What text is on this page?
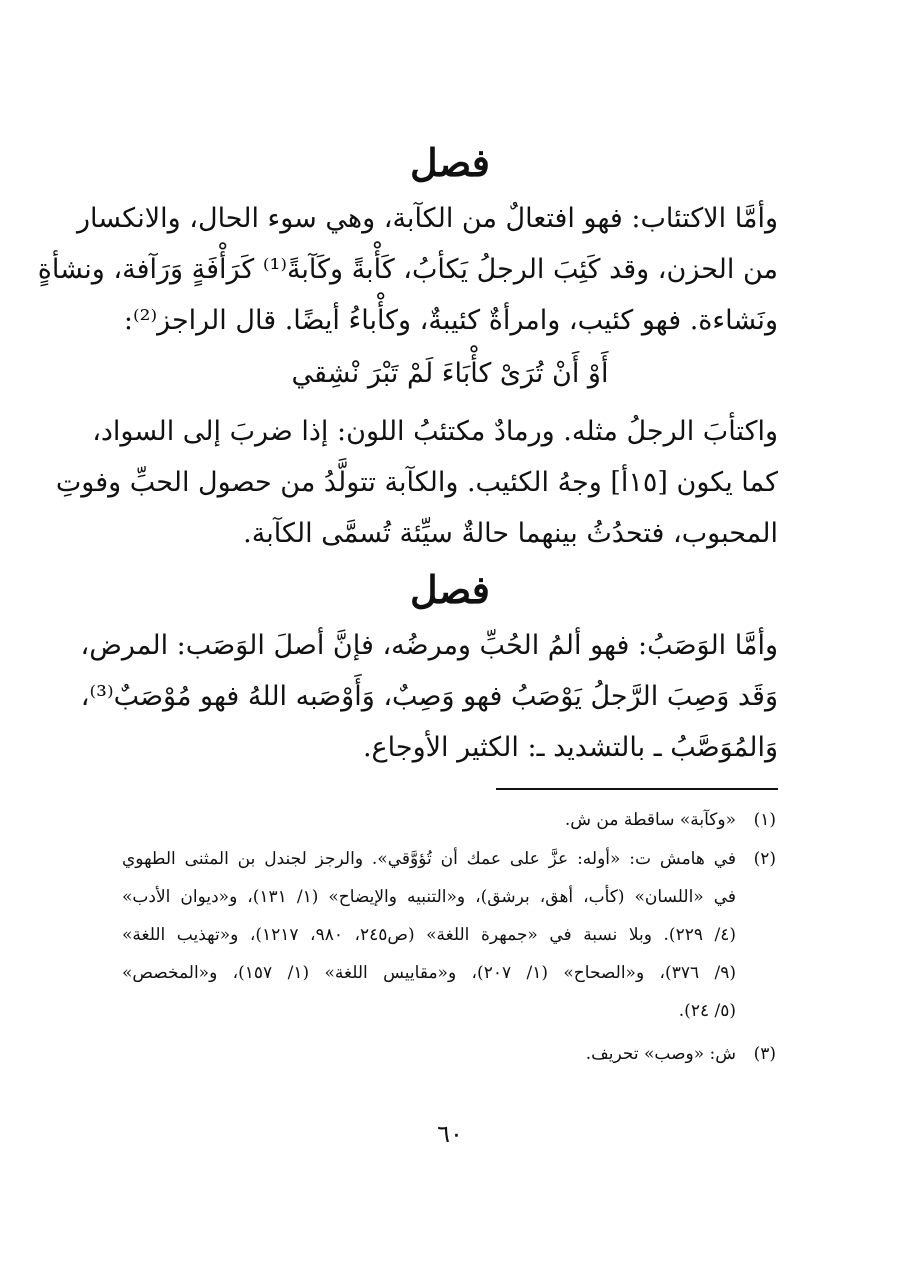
فصل
وأمَّا الاكتئاب: فهو افتعالٌ من الكآبة، وهي سوء الحال، والانكسار
من الحزن، وقد كَئِبَ الرجلُ يَكأبُ، كَأْبةً وكَآبةً⁽¹⁾ كَرَأْفَةٍ وَرَآفة، ونشأةٍ
ونَشاءة. فهو كئيب، وامرأةٌ كئيبةٌ، وكأْباءُ أيضًا. قال الراجز⁽²⁾:
أَوْ أَنْ تُرَىْ كأْبَاءَ لَمْ تَبْرَ نْشِقي
واكتأبَ الرجلُ مثله. ورمادٌ مكتئبُ اللون: إذا ضربَ إلى السواد،
كما يكون [١٥أ] وجهُ الكئيب. والكآبة تتولَّدُ من حصول الحبِّ وفوتِ
المحبوب، فتحدُثُ بينهما حالةٌ سيِّئة تُسمَّى الكآبة.
فصل
وأمَّا الوَصَبُ: فهو ألمُ الحُبِّ ومرضُه، فإنَّ أصلَ الوَصَب: المرض،
وَقَد وَصِبَ الرَّجلُ يَوْصَبُ فهو وَصِبٌ، وَأَوْصَبه اللهُ فهو مُوْصَبٌ⁽³⁾،
وَالمُوَصَّبُ ـ بالتشديد ـ: الكثير الأوجاع.
(١)«وكآبة» ساقطة من ش.
(٢)في هامش ت: «أوله: عزَّ على عمك أن تُؤوَّقي». والرجز لجندل بن المثنى الطهوي
في «اللسان» (كأب، أهق، برشق)، و«التنبيه والإيضاح» (١/ ١٣١)، و«ديوان الأدب»
(٤/ ٢٢٩). وبلا نسبة في «جمهرة اللغة» (ص٢٤٥، ٩٨٠، ١٢١٧)، و«تهذيب اللغة»
(٩/ ٣٧٦)، و«الصحاح» (١/ ٢٠٧)، و«مقاييس اللغة» (١/ ١٥٧)، و«المخصص»
(٥/ ٢٤).
(٣)ش: «وصب» تحريف.
٦٠
